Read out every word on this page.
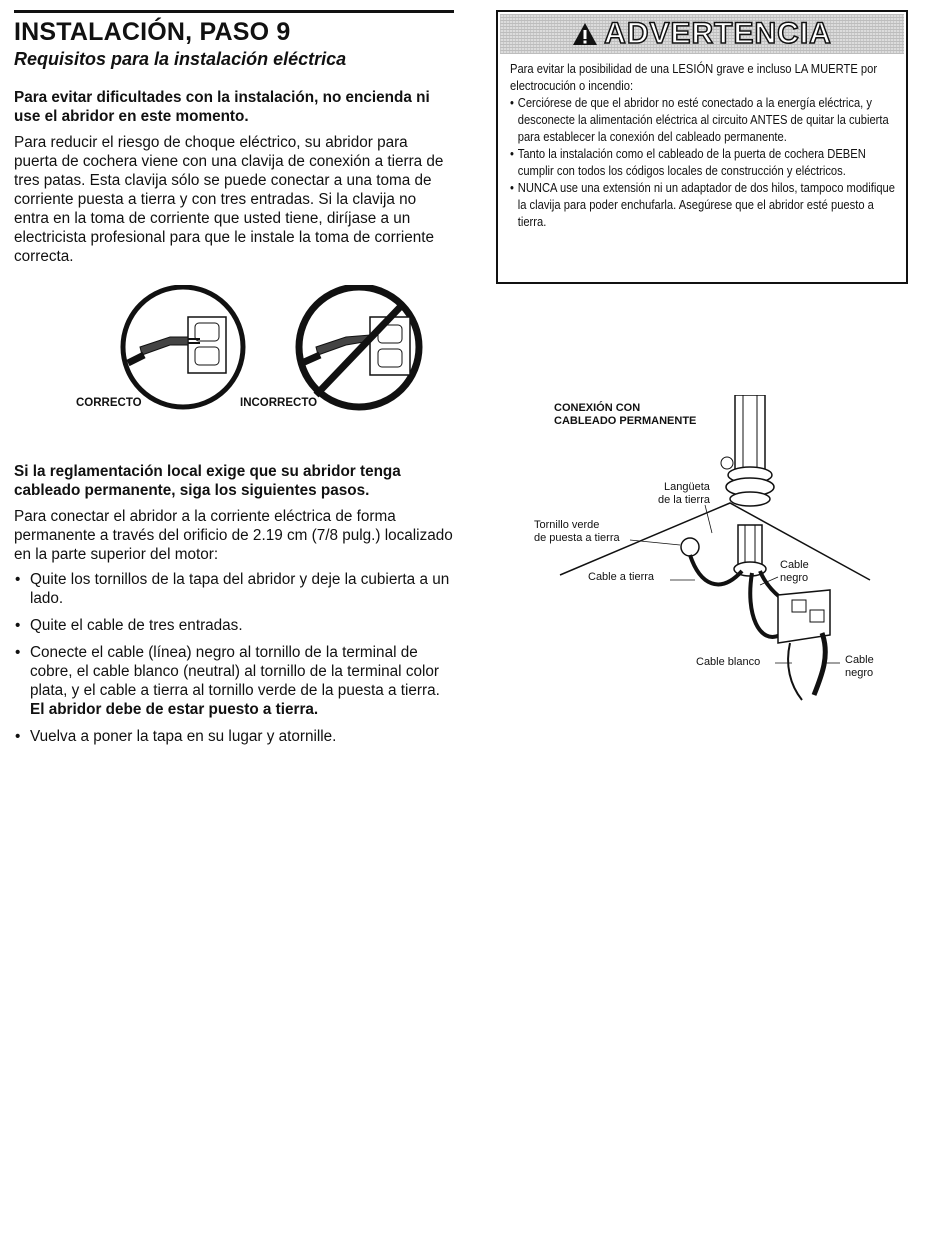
INSTALACIÓN, PASO 9
Requisitos para la instalación eléctrica

Para evitar dificultades con la instalación, no encienda ni use el abridor en este momento.

Para reducir el riesgo de choque eléctrico, su abridor para puerta de cochera viene con una clavija de conexión a tierra de tres patas. Esta clavija sólo se puede conectar a una toma de corriente puesta a tierra y con tres entradas. Si la clavija no entra en la toma de corriente que usted tiene, diríjase a un electricista profesional para que le instale la toma de corriente correcta.

CORRECTO	INCORRECTO

Si la reglamentación local exige que su abridor tenga cableado permanente, siga los siguientes pasos.

Para conectar el abridor a la corriente eléctrica de forma permanente a través del orificio de 2.19 cm (7/8 pulg.) localizado en la parte superior del motor:

• Quite los tornillos de la tapa del abridor y deje la cubierta a un lado.
• Quite el cable de tres entradas.
• Conecte el cable (línea) negro al tornillo de la terminal de cobre, el cable blanco (neutral) al tornillo de la terminal color plata, y el cable a tierra al tornillo verde de la puesta a tierra. El abridor debe de estar puesto a tierra.
• Vuelva a poner la tapa en su lugar y atornille.
ADVERTENCIA

Para evitar la posibilidad de una LESIÓN grave e incluso LA MUERTE por electrocución o incendio:

• Cerciórese de que el abridor no esté conectado a la energía eléctrica, y desconecte la alimentación eléctrica al circuito ANTES de quitar la cubierta para establecer la conexión del cableado permanente.
• Tanto la instalación como el cableado de la puerta de cochera DEBEN cumplir con todos los códigos locales de construcción y eléctricos.
• NUNCA use una extensión ni un adaptador de dos hilos, tampoco modifique la clavija para poder enchufarla. Asegúrese que el abridor esté puesto a tierra.
CONEXIÓN CON
CABLEADO PERMANENTE
Langüeta
de la tierra
Tornillo verde
de puesta a tierra
Cable a tierra
Cable
negro
Cable blanco	Cable
negro
